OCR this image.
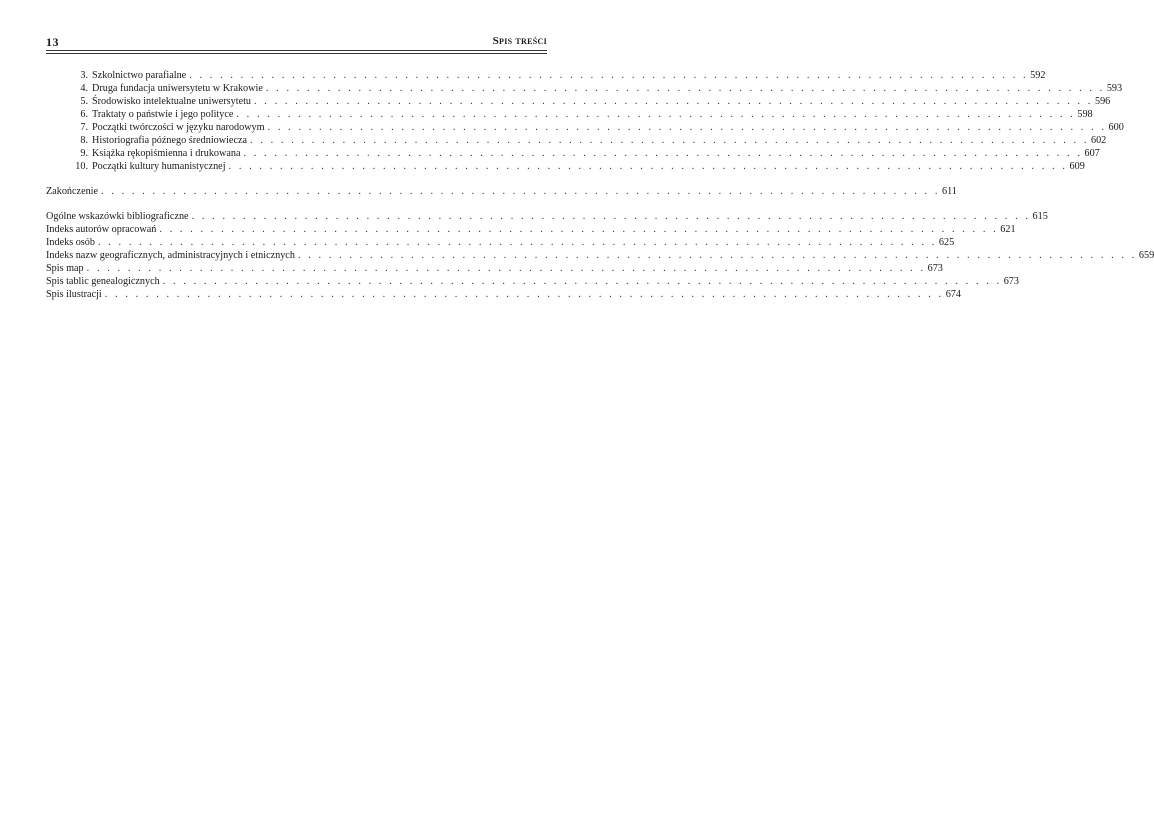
13	Spis treści
3. Szkolnictwo parafialne . . . . . . . . . . . . . . . . . . . . . . . . . . . . . . . . . . . . . . . . . . . . . . . . . . . . . . . . . . . . . . . . . . . . . . . . . . . . . . . . . . 592
4. Druga fundacja uniwersytetu w Krakowie . . . . . . . . . . . . . . . . . . . . . . . . . . . . . . . . . . . . . . . . . . . . . . . . . . . . . . . . . . . . . . . . . . . . . . . . . . . . . . . . . . 593
5. Środowisko intelektualne uniwersytetu . . . . . . . . . . . . . . . . . . . . . . . . . . . . . . . . . . . . . . . . . . . . . . . . . . . . . . . . . . . . . . . . . . . . . . . . . . . . . . . . . . 596
6. Traktaty o państwie i jego polityce . . . . . . . . . . . . . . . . . . . . . . . . . . . . . . . . . . . . . . . . . . . . . . . . . . . . . . . . . . . . . . . . . . . . . . . . . . . . . . . . . . 598
7. Początki twórczości w języku narodowym . . . . . . . . . . . . . . . . . . . . . . . . . . . . . . . . . . . . . . . . . . . . . . . . . . . . . . . . . . . . . . . . . . . . . . . . . . . . . . . . . . 600
8. Historiografia późnego średniowiecza . . . . . . . . . . . . . . . . . . . . . . . . . . . . . . . . . . . . . . . . . . . . . . . . . . . . . . . . . . . . . . . . . . . . . . . . . . . . . . . . . . 602
9. Książka rękopiśmienna i drukowana . . . . . . . . . . . . . . . . . . . . . . . . . . . . . . . . . . . . . . . . . . . . . . . . . . . . . . . . . . . . . . . . . . . . . . . . . . . . . . . . . . 607
10. Początki kultury humanistycznej . . . . . . . . . . . . . . . . . . . . . . . . . . . . . . . . . . . . . . . . . . . . . . . . . . . . . . . . . . . . . . . . . . . . . . . . . . . . . . . . . . 609
Zakończenie . . . . . . . . . . . . . . . . . . . . . . . . . . . . . . . . . . . . . . . . . . . . . . . . . . . . . . . . . . . . . . . . . . . . . . . . . . . . . . . . . . 611
Ogólne wskazówki bibliograficzne . . . . . . . . . . . . . . . . . . . . . . . . . . . . . . . . . . . . . . . . . . . . . . . . . . . . . . . . . . . . . . . . . . . . . . . . . . . . . . . . . . 615
Indeks autorów opracowań . . . . . . . . . . . . . . . . . . . . . . . . . . . . . . . . . . . . . . . . . . . . . . . . . . . . . . . . . . . . . . . . . . . . . . . . . . . . . . . . . . 621
Indeks osób . . . . . . . . . . . . . . . . . . . . . . . . . . . . . . . . . . . . . . . . . . . . . . . . . . . . . . . . . . . . . . . . . . . . . . . . . . . . . . . . . . 625
Indeks nazw geograficznych, administracyjnych i etnicznych . . . . . . . . . . . . . . . . . . . . . . . . . . . . . . . . . . . . . . . . . . . . . . . . . . . . . . . . . . . . . . . . . . . . . . . . . . . . . . . . . . 659
Spis map . . . . . . . . . . . . . . . . . . . . . . . . . . . . . . . . . . . . . . . . . . . . . . . . . . . . . . . . . . . . . . . . . . . . . . . . . . . . . . . . . . 673
Spis tablic genealogicznych . . . . . . . . . . . . . . . . . . . . . . . . . . . . . . . . . . . . . . . . . . . . . . . . . . . . . . . . . . . . . . . . . . . . . . . . . . . . . . . . . . 673
Spis ilustracji . . . . . . . . . . . . . . . . . . . . . . . . . . . . . . . . . . . . . . . . . . . . . . . . . . . . . . . . . . . . . . . . . . . . . . . . . . . . . . . . . . 674
